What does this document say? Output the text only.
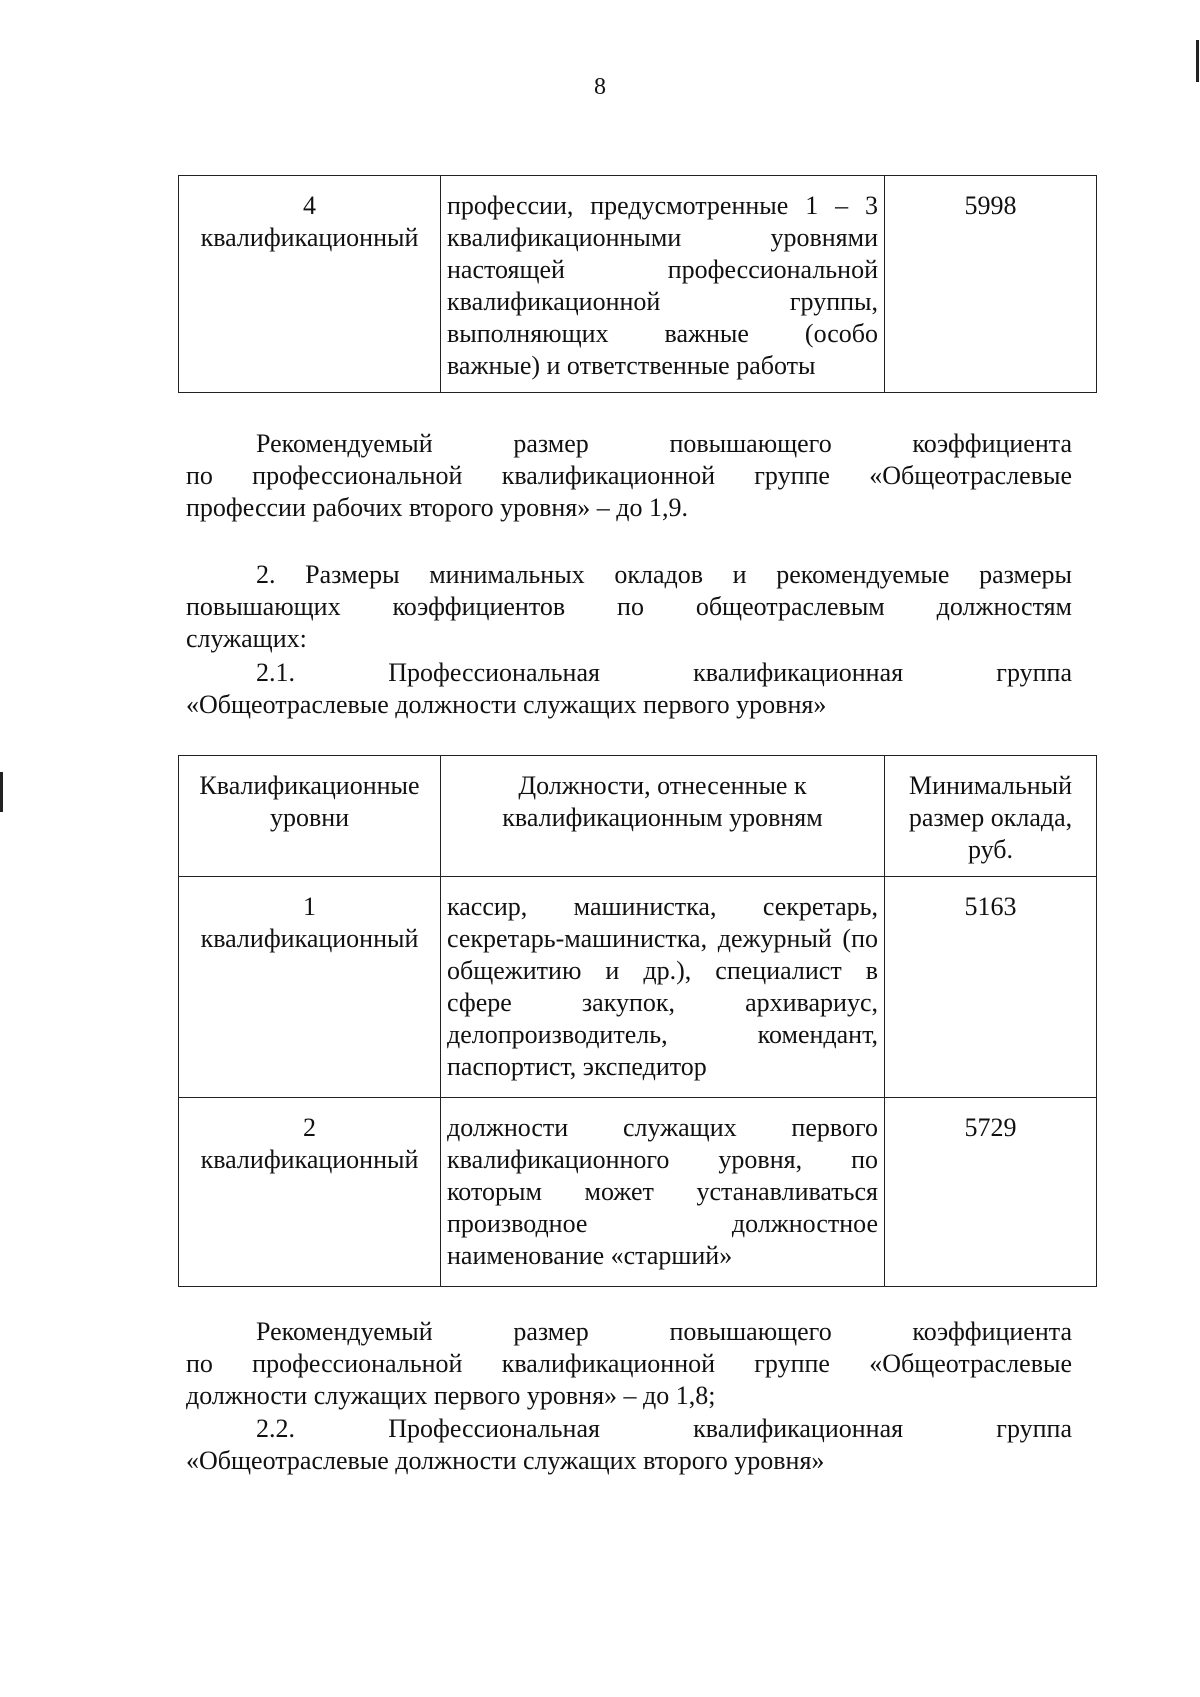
8
4
квалификационный
	профессии, предусмотренные 1 – 3 квалификационными уровнями настоящей профессиональной квалификационной группы, выполняющих важные (особо важные) и ответственные работы	5998
Рекомендуемый размер повышающего коэффициента
по профессиональной квалификационной группе «Общеотраслевые
профессии рабочих второго уровня» – до 1,9.
2. Размеры минимальных окладов и рекомендуемые размеры
повышающих коэффициентов по общеотраслевым должностям
служащих:
2.1. Профессиональная квалификационная группа
«Общеотраслевые должности служащих первого уровня»
Квалификационные уровни	Должности, отнесенные к квалификационным уровням	Минимальный размер оклада, руб.

1
квалификационный	кассир, машинистка, секретарь, секретарь-машинистка, дежурный (по общежитию и др.), специалист в сфере закупок, архивариус, делопроизводитель, комендант, паспортист, экспедитор	5163

2
квалификационный	должности служащих первого квалификационного уровня, по которым может устанавливаться производное должностное наименование «старший»	5729
Рекомендуемый размер повышающего коэффициента
по профессиональной квалификационной группе «Общеотраслевые
должности служащих первого уровня» – до 1,8;
2.2. Профессиональная квалификационная группа
«Общеотраслевые должности служащих второго уровня»
